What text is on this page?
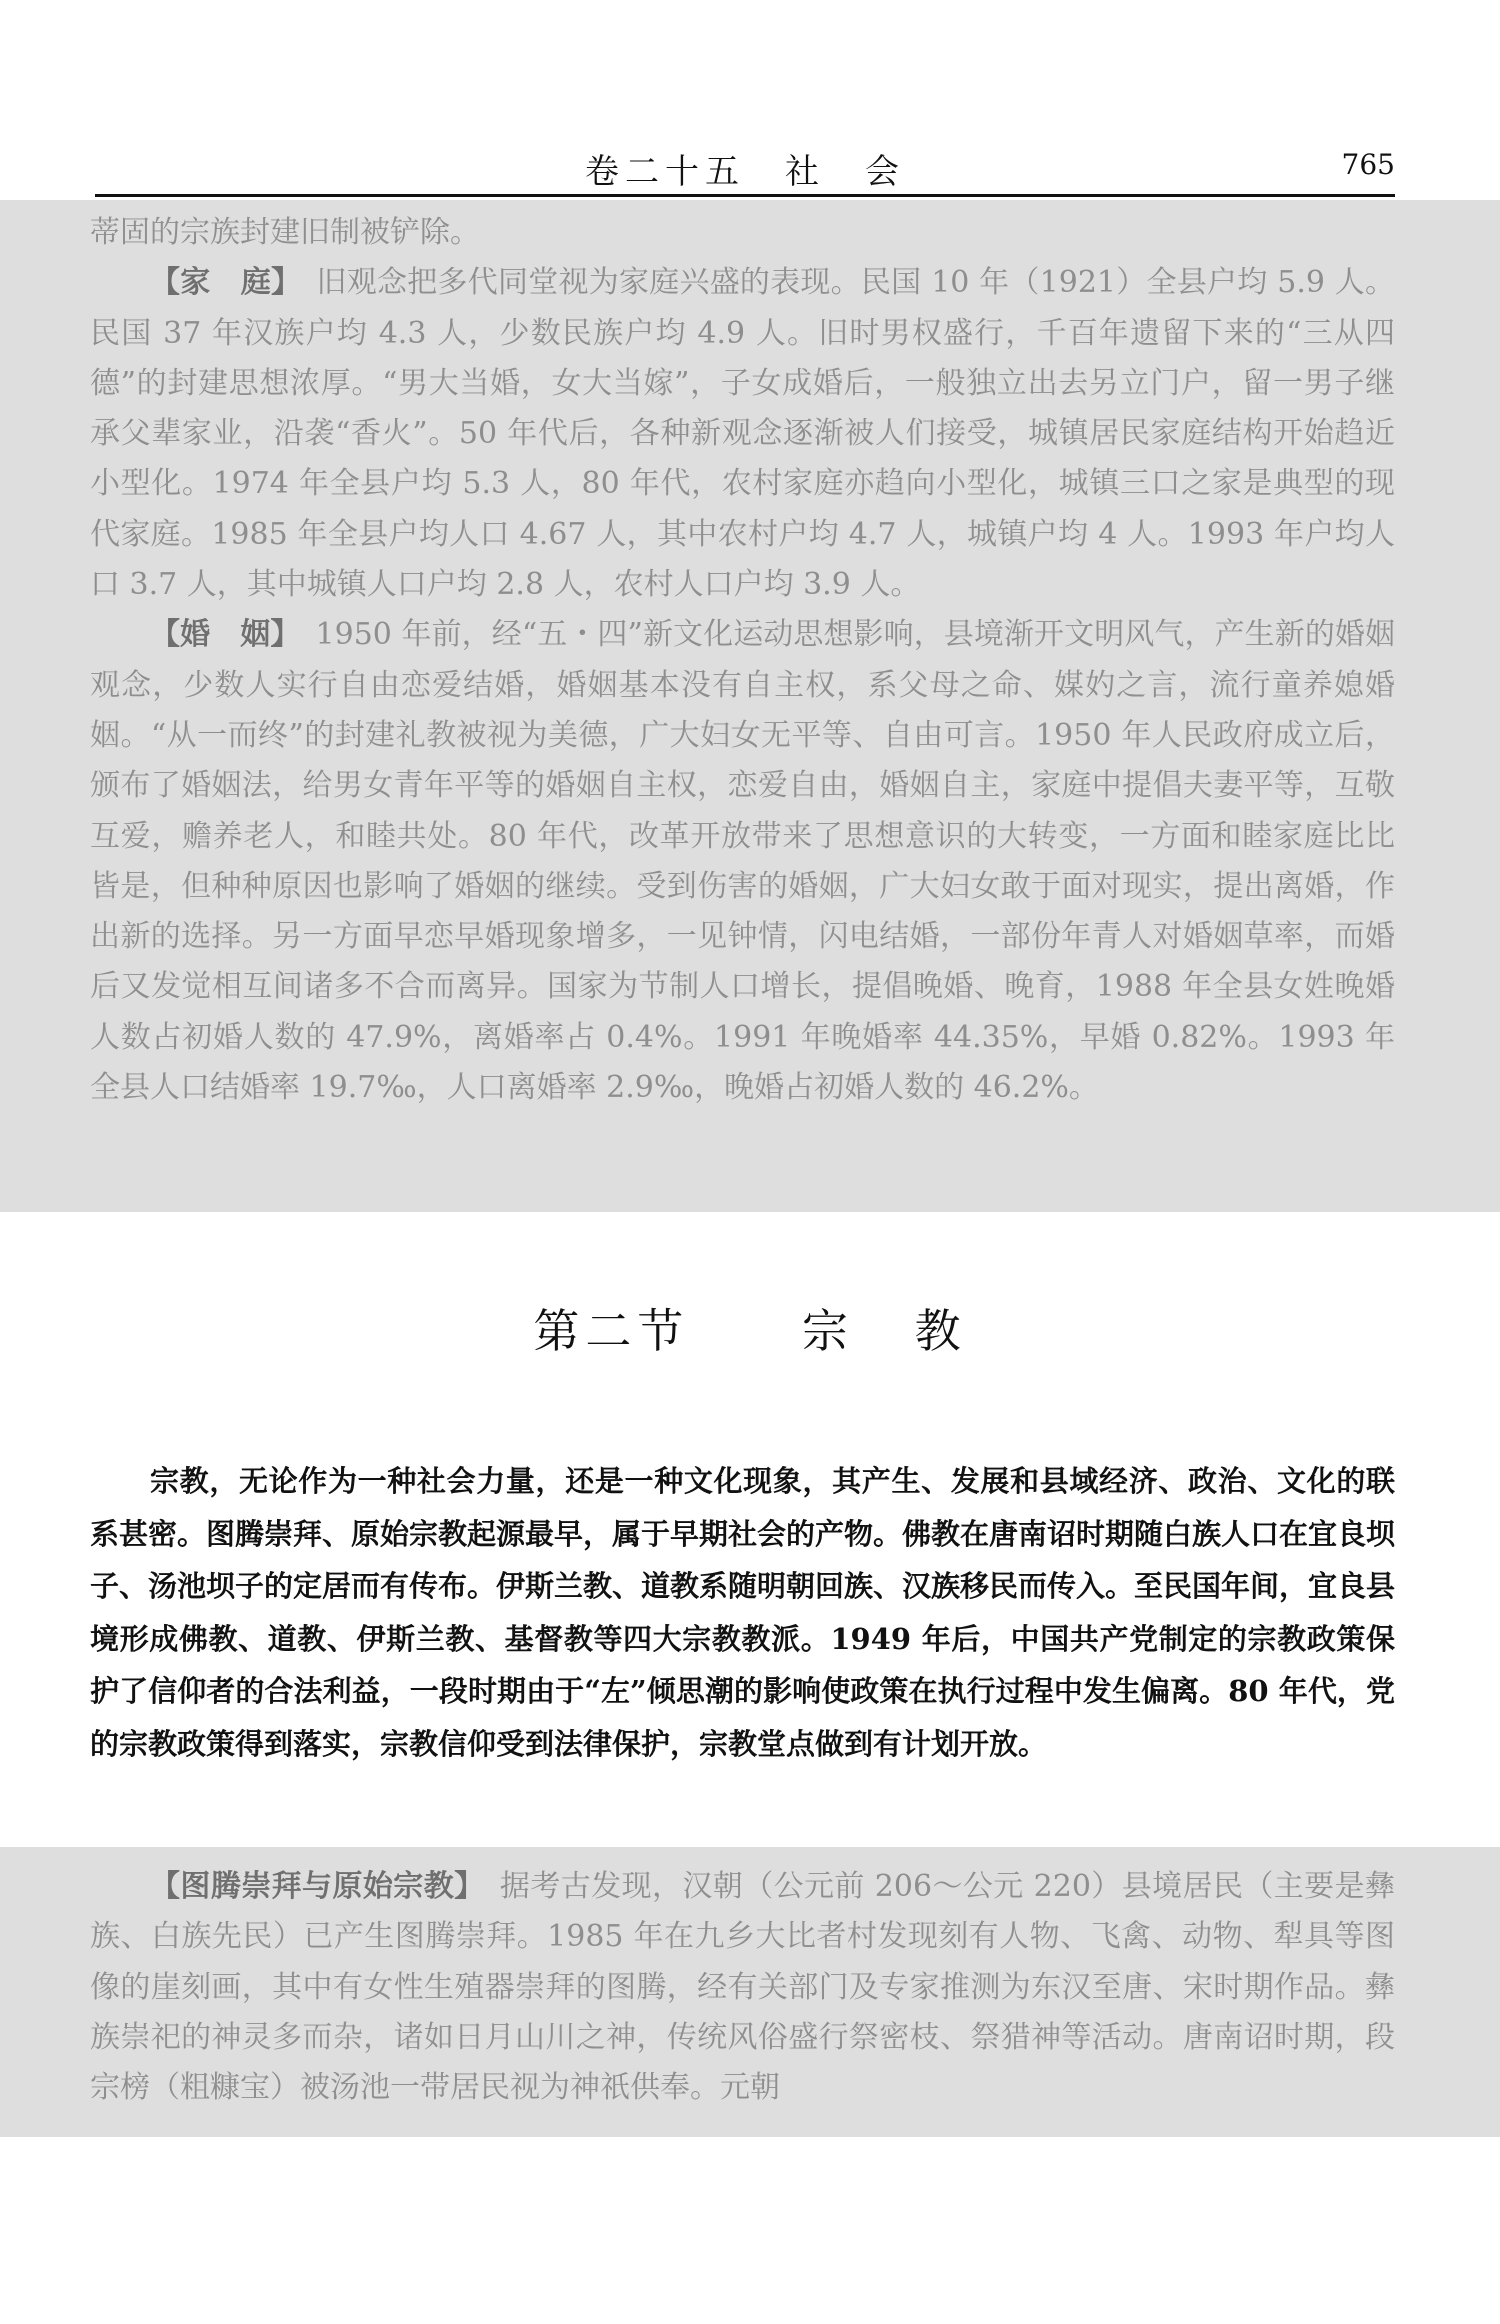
卷二十五　社　会	765

蒂固的宗族封建旧制被铲除。

【家　庭】　旧观念把多代同堂视为家庭兴盛的表现。民国 10 年（1921）全县户均 5.9 人。民国 37 年汉族户均 4.3 人，少数民族户均 4.9 人。旧时男权盛行，千百年遗留下来的“三从四德”的封建思想浓厚。“男大当婚，女大当嫁”，子女成婚后，一般独立出去另立门户，留一男子继承父辈家业，沿袭“香火”。50 年代后，各种新观念逐渐被人们接受，城镇居民家庭结构开始趋近小型化。1974 年全县户均 5.3 人，80 年代，农村家庭亦趋向小型化，城镇三口之家是典型的现代家庭。1985 年全县户均人口 4.67 人，其中农村户均 4.7 人，城镇户均 4 人。1993 年户均人口 3.7 人，其中城镇人口户均 2.8 人，农村人口户均 3.9 人。

【婚　姻】　1950 年前，经“五・四”新文化运动思想影响，县境渐开文明风气，产生新的婚姻观念，少数人实行自由恋爱结婚，婚姻基本没有自主权，系父母之命、媒妁之言，流行童养媳婚姻。“从一而终”的封建礼教被视为美德，广大妇女无平等、自由可言。1950 年人民政府成立后，颁布了婚姻法，给男女青年平等的婚姻自主权，恋爱自由，婚姻自主，家庭中提倡夫妻平等，互敬互爱，赡养老人，和睦共处。80 年代，改革开放带来了思想意识的大转变，一方面和睦家庭比比皆是，但种种原因也影响了婚姻的继续。受到伤害的婚姻，广大妇女敢于面对现实，提出离婚，作出新的选择。另一方面早恋早婚现象增多，一见钟情，闪电结婚，一部份年青人对婚姻草率，而婚后又发觉相互间诸多不合而离异。国家为节制人口增长，提倡晚婚、晚育，1988 年全县女姓晚婚人数占初婚人数的 47.9%，离婚率占 0.4%。1991 年晚婚率 44.35%，早婚 0.82%。1993 年全县人口结婚率 19.7‰，人口离婚率 2.9‰，晚婚占初婚人数的 46.2%。

第二节　 宗 教

宗教，无论作为一种社会力量，还是一种文化现象，其产生、发展和县域经济、政治、文化的联系甚密。图腾崇拜、原始宗教起源最早，属于早期社会的产物。佛教在唐南诏时期随白族人口在宜良坝子、汤池坝子的定居而有传布。伊斯兰教、道教系随明朝回族、汉族移民而传入。至民国年间，宜良县境形成佛教、道教、伊斯兰教、基督教等四大宗教教派。1949 年后，中国共产党制定的宗教政策保护了信仰者的合法利益，一段时期由于“左”倾思潮的影响使政策在执行过程中发生偏离。80 年代，党的宗教政策得到落实，宗教信仰受到法律保护，宗教堂点做到有计划开放。

【图腾崇拜与原始宗教】　据考古发现，汉朝（公元前 206～公元 220）县境居民（主要是彝族、白族先民）已产生图腾崇拜。1985 年在九乡大比者村发现刻有人物、飞禽、动物、犁具等图像的崖刻画，其中有女性生殖器崇拜的图腾，经有关部门及专家推测为东汉至唐、宋时期作品。彝族崇祀的神灵多而杂，诸如日月山川之神，传统风俗盛行祭密枝、祭猎神等活动。唐南诏时期，段宗榜（粗糠宝）被汤池一带居民视为神祇供奉。元朝
